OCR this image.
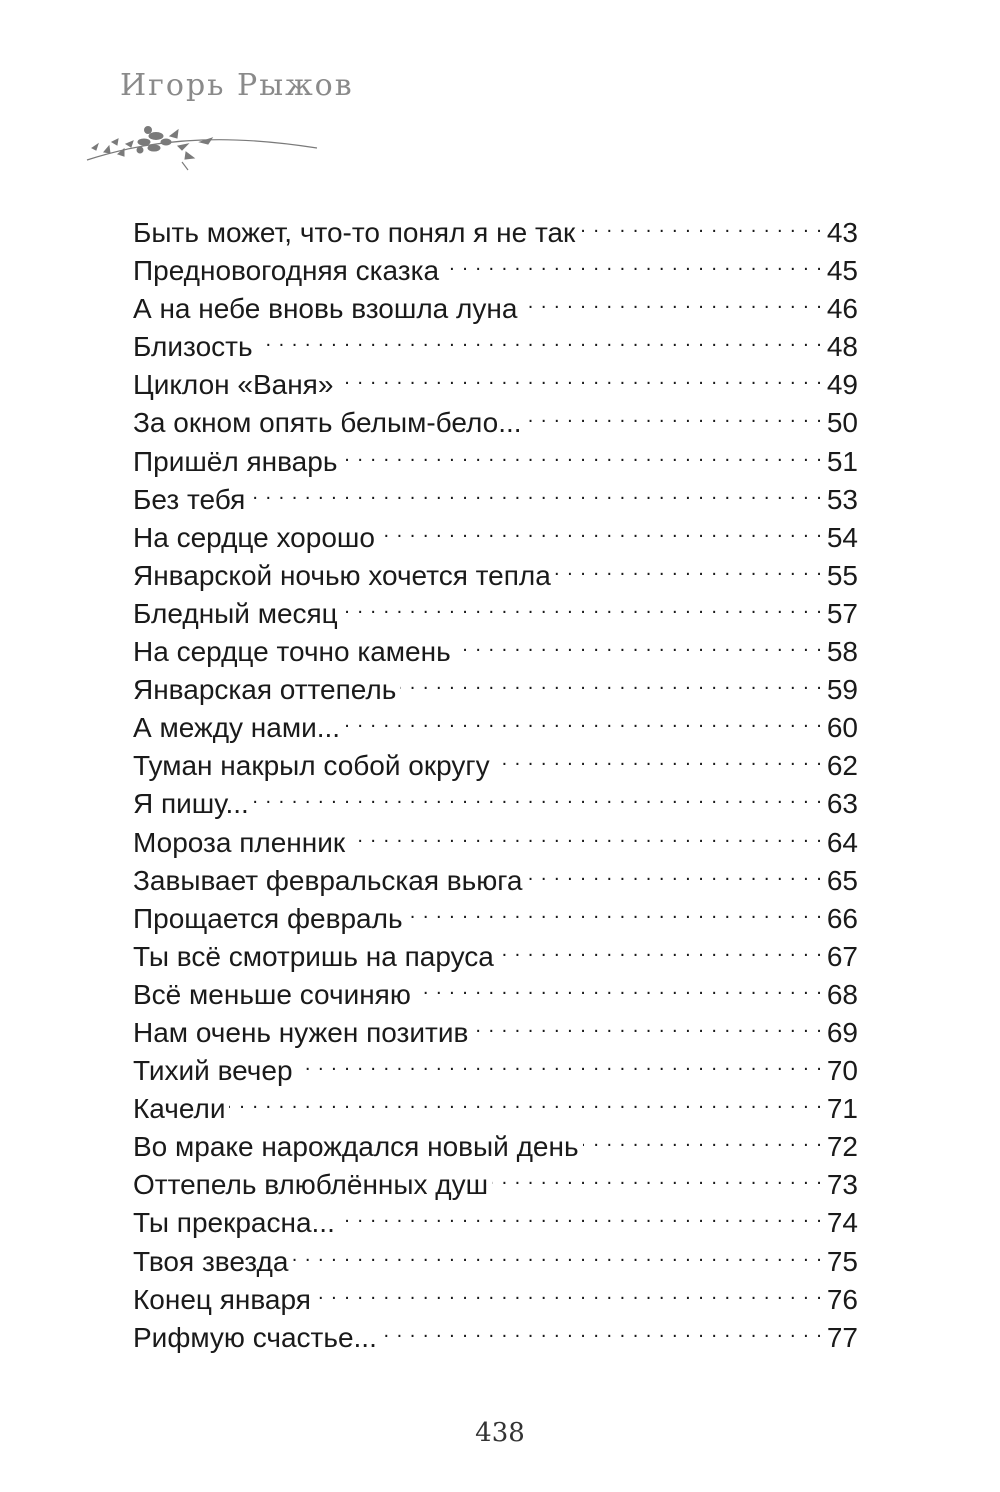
Игорь Рыжов
Быть может, что-то понял я не так . . .	43
Предновогодняя сказка . . .	45
А на небе вновь взошла луна . . .	46
Близость . . .	48
Циклон «Ваня» . . .	49
За окном опять белым-бело... . . .	50
Пришёл январь . . .	51
Без тебя . . .	53
На сердце хорошо . . .	54
Январской ночью хочется тепла . . .	55
Бледный месяц . . .	57
На сердце точно камень . . .	58
Январская оттепель . . .	59
А между нами... . . .	60
Туман накрыл собой округу . . .	62
Я пишу... . . .	63
Мороза пленник . . .	64
Завывает февральская вьюга . . .	65
Прощается февраль . . .	66
Ты всё смотришь на паруса . . .	67
Всё меньше сочиняю . . .	68
Нам очень нужен позитив . . .	69
Тихий вечер . . .	70
Качели . . .	71
Во мраке нарождался новый день . . .	72
Оттепель влюблённых душ . . .	73
Ты прекрасна... . . .	74
Твоя звезда . . .	75
Конец января . . .	76
Рифмую счастье... . . .	77
438
